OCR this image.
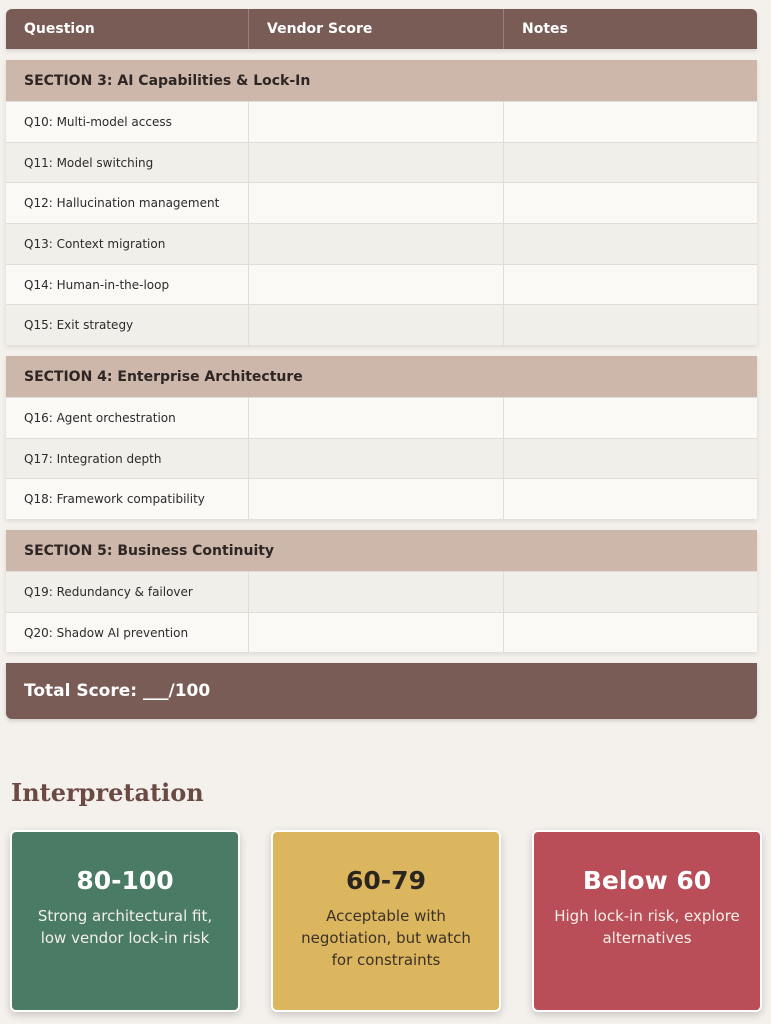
Question	Vendor Score	Notes
SECTION 3: AI Capabilities & Lock-In
Q10: Multi-model access
Q11: Model switching
Q12: Hallucination management
Q13: Context migration
Q14: Human-in-the-loop
Q15: Exit strategy
SECTION 4: Enterprise Architecture
Q16: Agent orchestration
Q17: Integration depth
Q18: Framework compatibility
SECTION 5: Business Continuity
Q19: Redundancy & failover
Q20: Shadow AI prevention
Total Score: ___/100
Interpretation
80-100
Strong architectural fit, low vendor lock-in risk
60-79
Acceptable with negotiation, but watch for constraints
Below 60
High lock-in risk, explore alternatives
